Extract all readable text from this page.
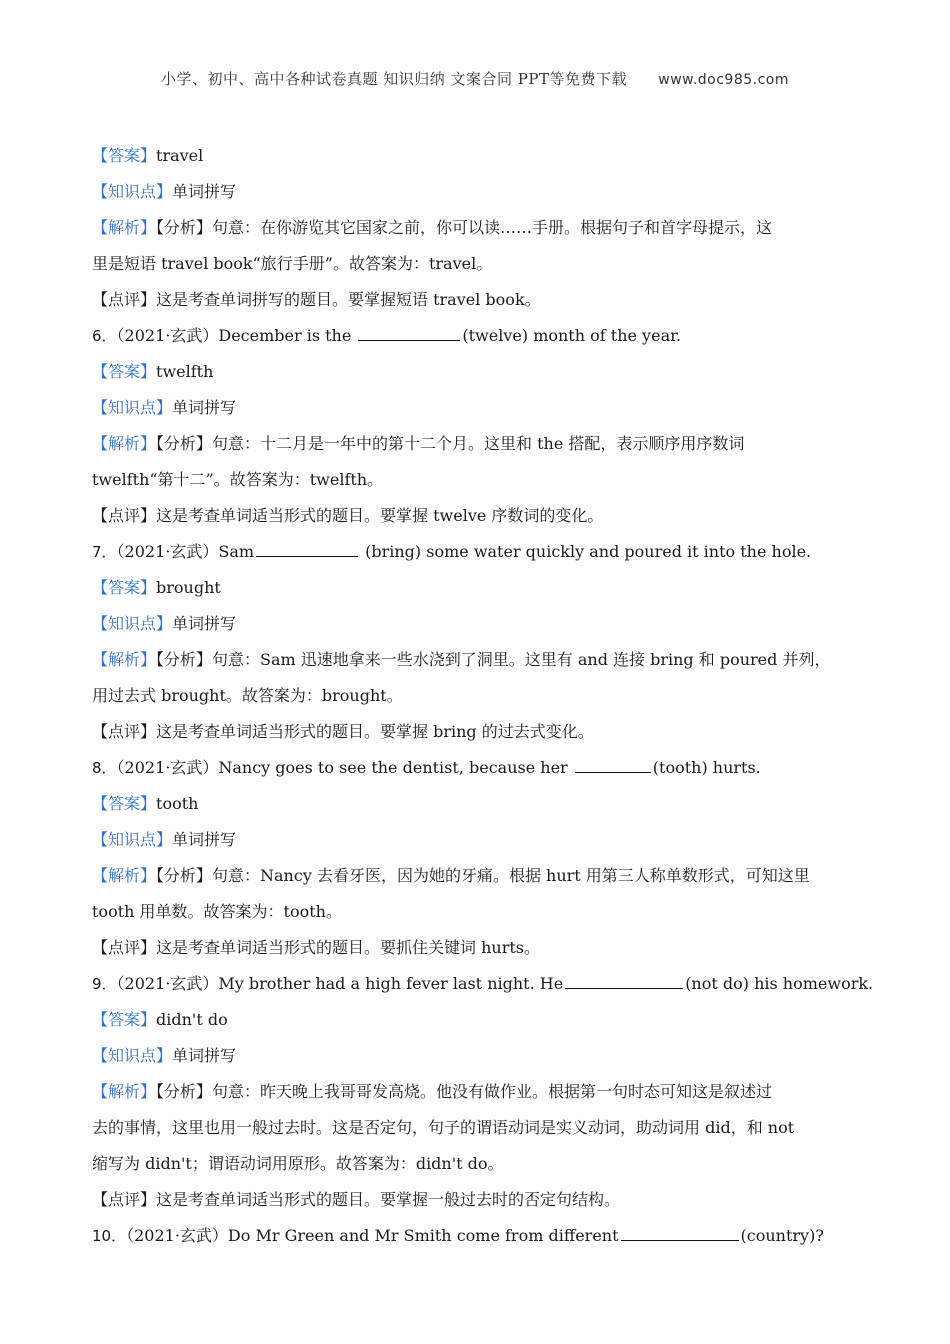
小学、初中、高中各种试卷真题 知识归纳 文案合同 PPT等免费下载 www.doc985.com
【答案】travel
【知识点】单词拼写
【解析】【分析】句意：在你游览其它国家之前，你可以读……手册。根据句子和首字母提示，这
里是短语 travel book“旅行手册”。故答案为：travel。
【点评】这是考查单词拼写的题目。要掌握短语 travel book。
6．（2021·玄武）December is the	(twelve) month of the year.
【答案】twelfth
【知识点】单词拼写
【解析】【分析】句意：十二月是一年中的第十二个月。这里和 the 搭配，表示顺序用序数词
twelfth“第十二”。故答案为：twelfth。
【点评】这是考查单词适当形式的题目。要掌握 twelve 序数词的变化。
7．（2021·玄武）Sam	(bring) some water quickly and poured it into the hole.
【答案】brought
【知识点】单词拼写
【解析】【分析】句意：Sam 迅速地拿来一些水浇到了洞里。这里有 and 连接 bring 和 poured 并列，
用过去式 brought。故答案为：brought。
【点评】这是考查单词适当形式的题目。要掌握 bring 的过去式变化。
8．（2021·玄武）Nancy goes to see the dentist, because her	(tooth) hurts.
【答案】tooth
【知识点】单词拼写
【解析】【分析】句意：Nancy 去看牙医，因为她的牙痛。根据 hurt 用第三人称单数形式，可知这里
tooth 用单数。故答案为：tooth。
【点评】这是考查单词适当形式的题目。要抓住关键词 hurts。
9．（2021·玄武）My brother had a high fever last night. He	(not do) his homework.
【答案】didn't do
【知识点】单词拼写
【解析】【分析】句意：昨天晚上我哥哥发高烧。他没有做作业。根据第一句时态可知这是叙述过
去的事情，这里也用一般过去时。这是否定句，句子的谓语动词是实义动词，助动词用 did，和 not
缩写为 didn't；谓语动词用原形。故答案为：didn't do。
【点评】这是考查单词适当形式的题目。要掌握一般过去时的否定句结构。
10．（2021·玄武）Do Mr Green and Mr Smith come from different	(country)?
